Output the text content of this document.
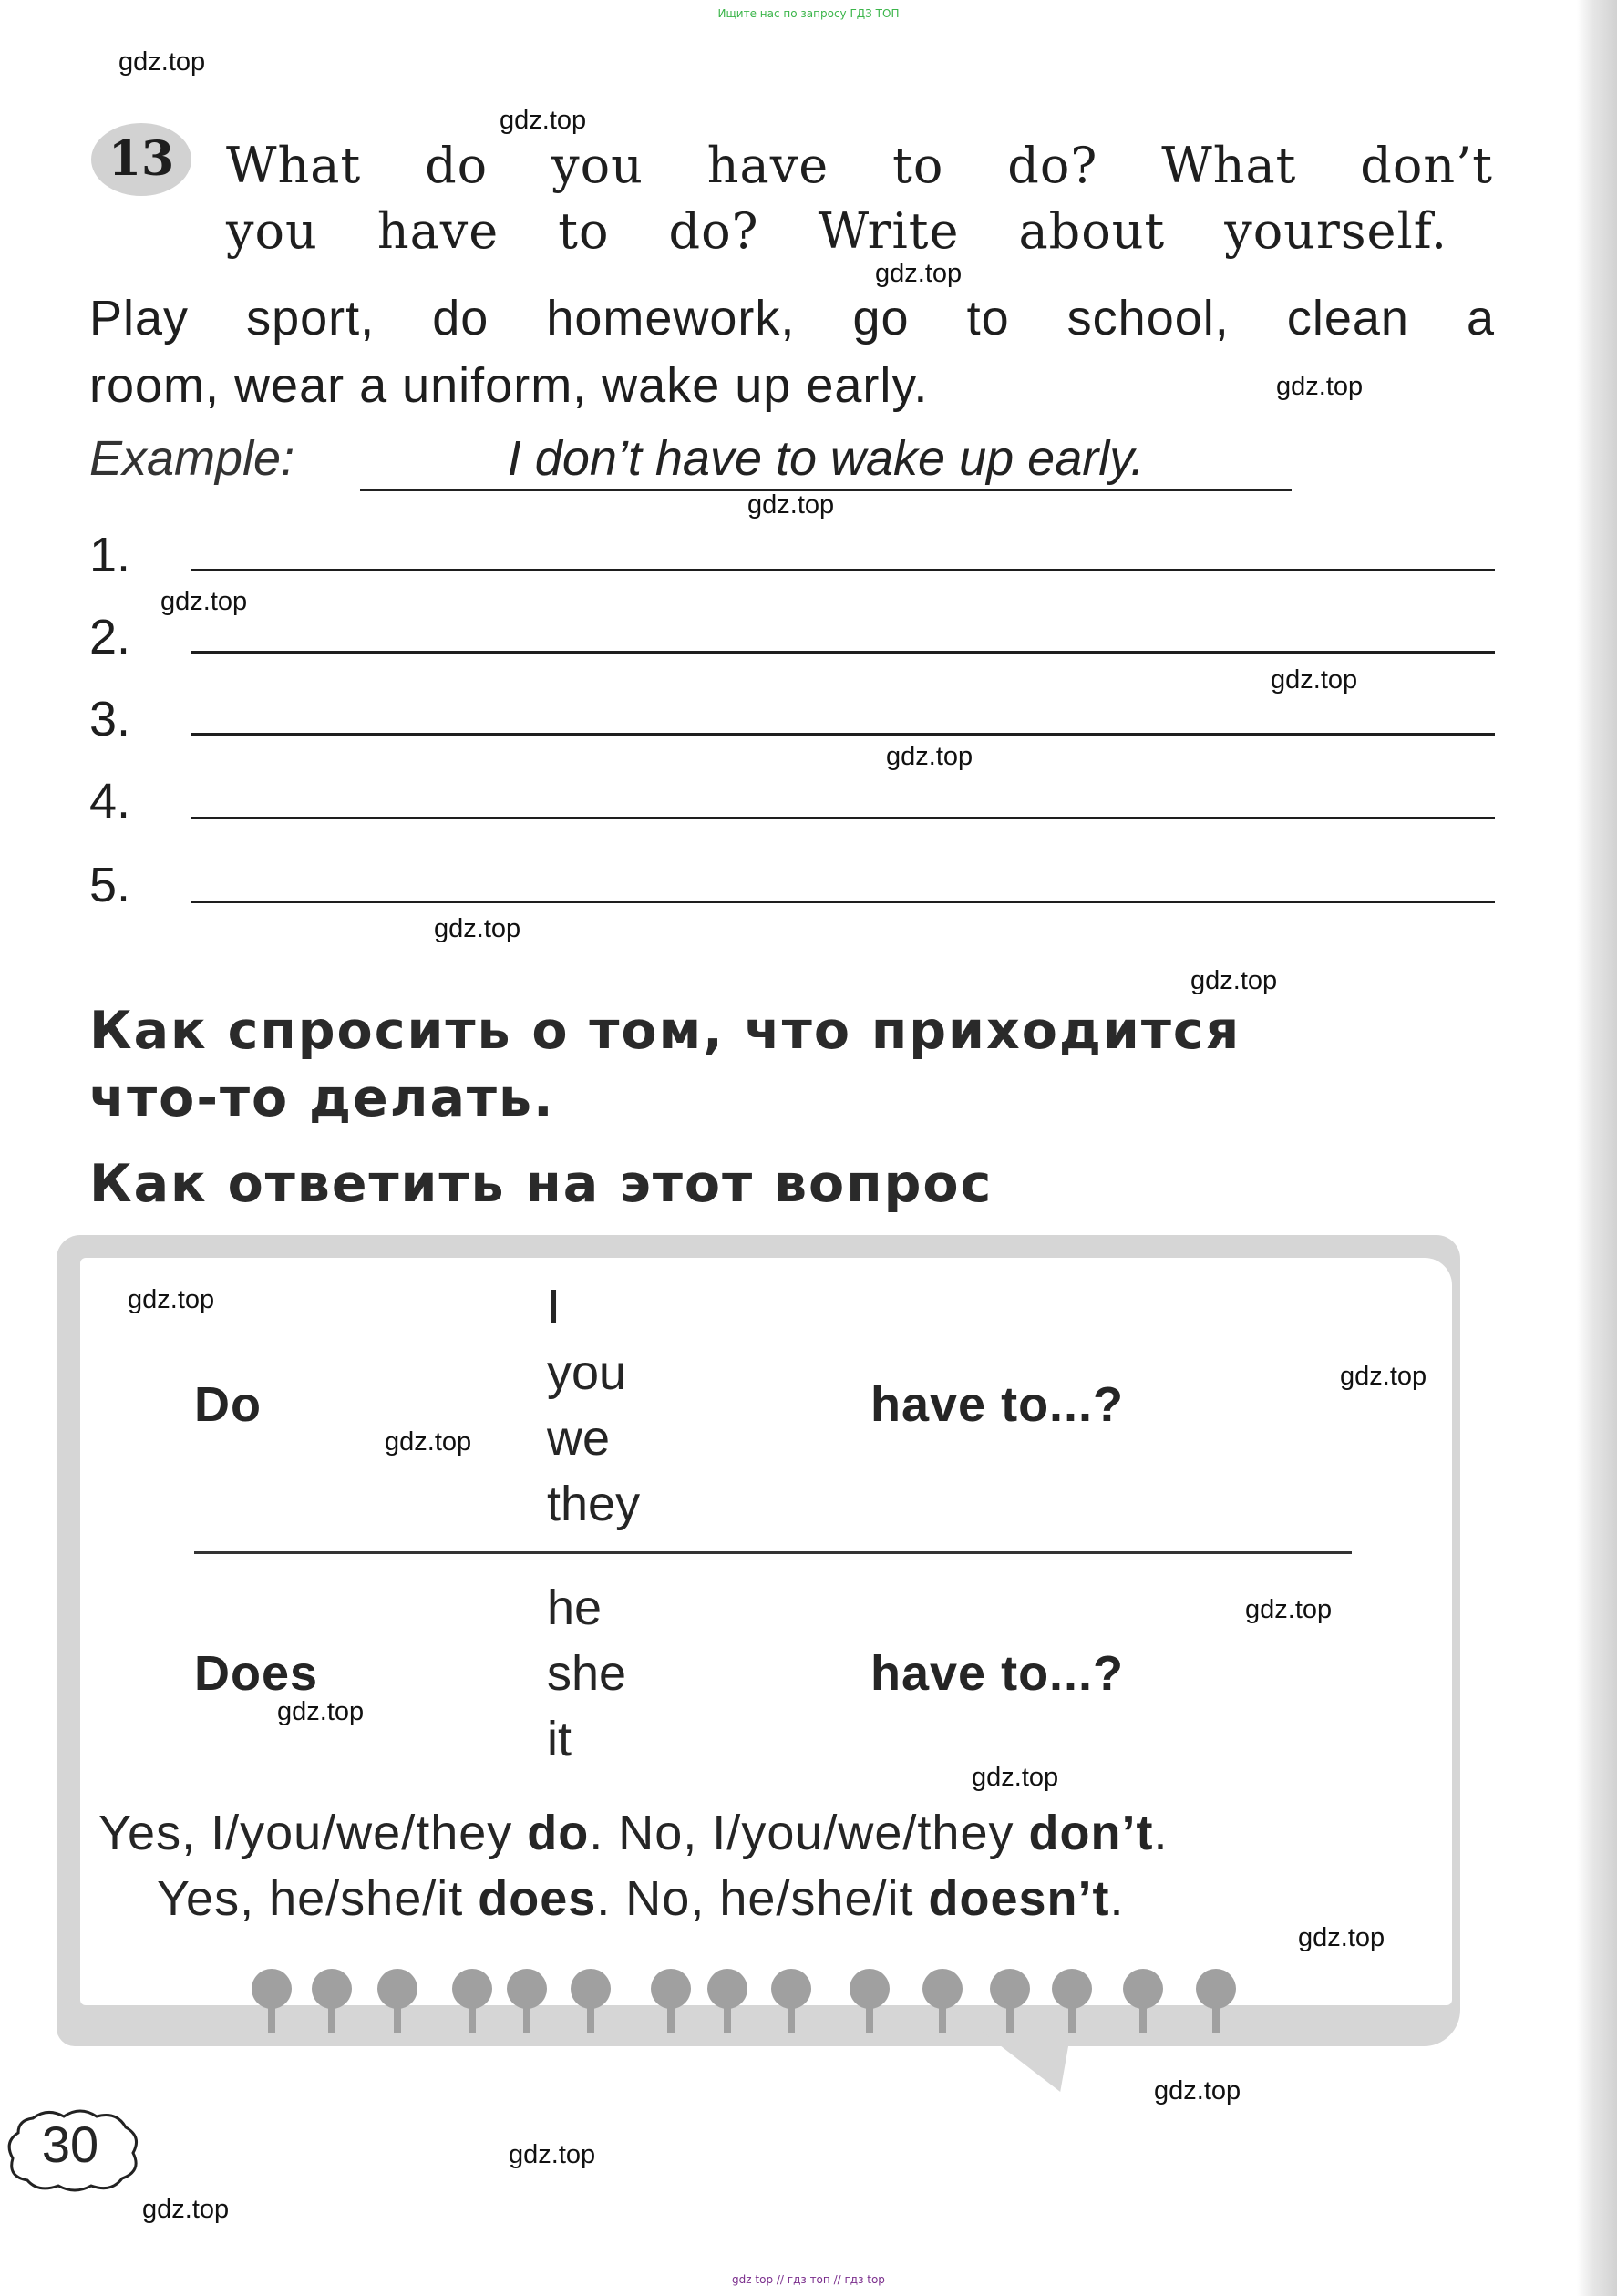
Ищите нас по запросу ГДЗ ТОП
13	What do you have to do? What don’t
you have to do? Write about yourself.
Play sport, do homework, go to school, clean a
room, wear a uniform, wake up early.
Example:	I don’t have to wake up early.
1.
2.
3.
4.
5.
Как спросить о том, что приходится
что-то делать.
Как ответить на этот вопрос
Do
I
you
we
they
have to...?
Does
he
she
it
have to...?
Yes, I/you/we/they do. No, I/you/we/they don’t.
Yes, he/she/it does. No, he/she/it doesn’t.
30
gdz.top
gdz.top
gdz.top
gdz.top
gdz.top
gdz.top
gdz.top
gdz.top
gdz.top
gdz.top
gdz.top
gdz.top
gdz.top
gdz.top
gdz.top
gdz.top
gdz.top
gdz.top
gdz.top
gdz.top
gdz top // гдз топ // гдз top
